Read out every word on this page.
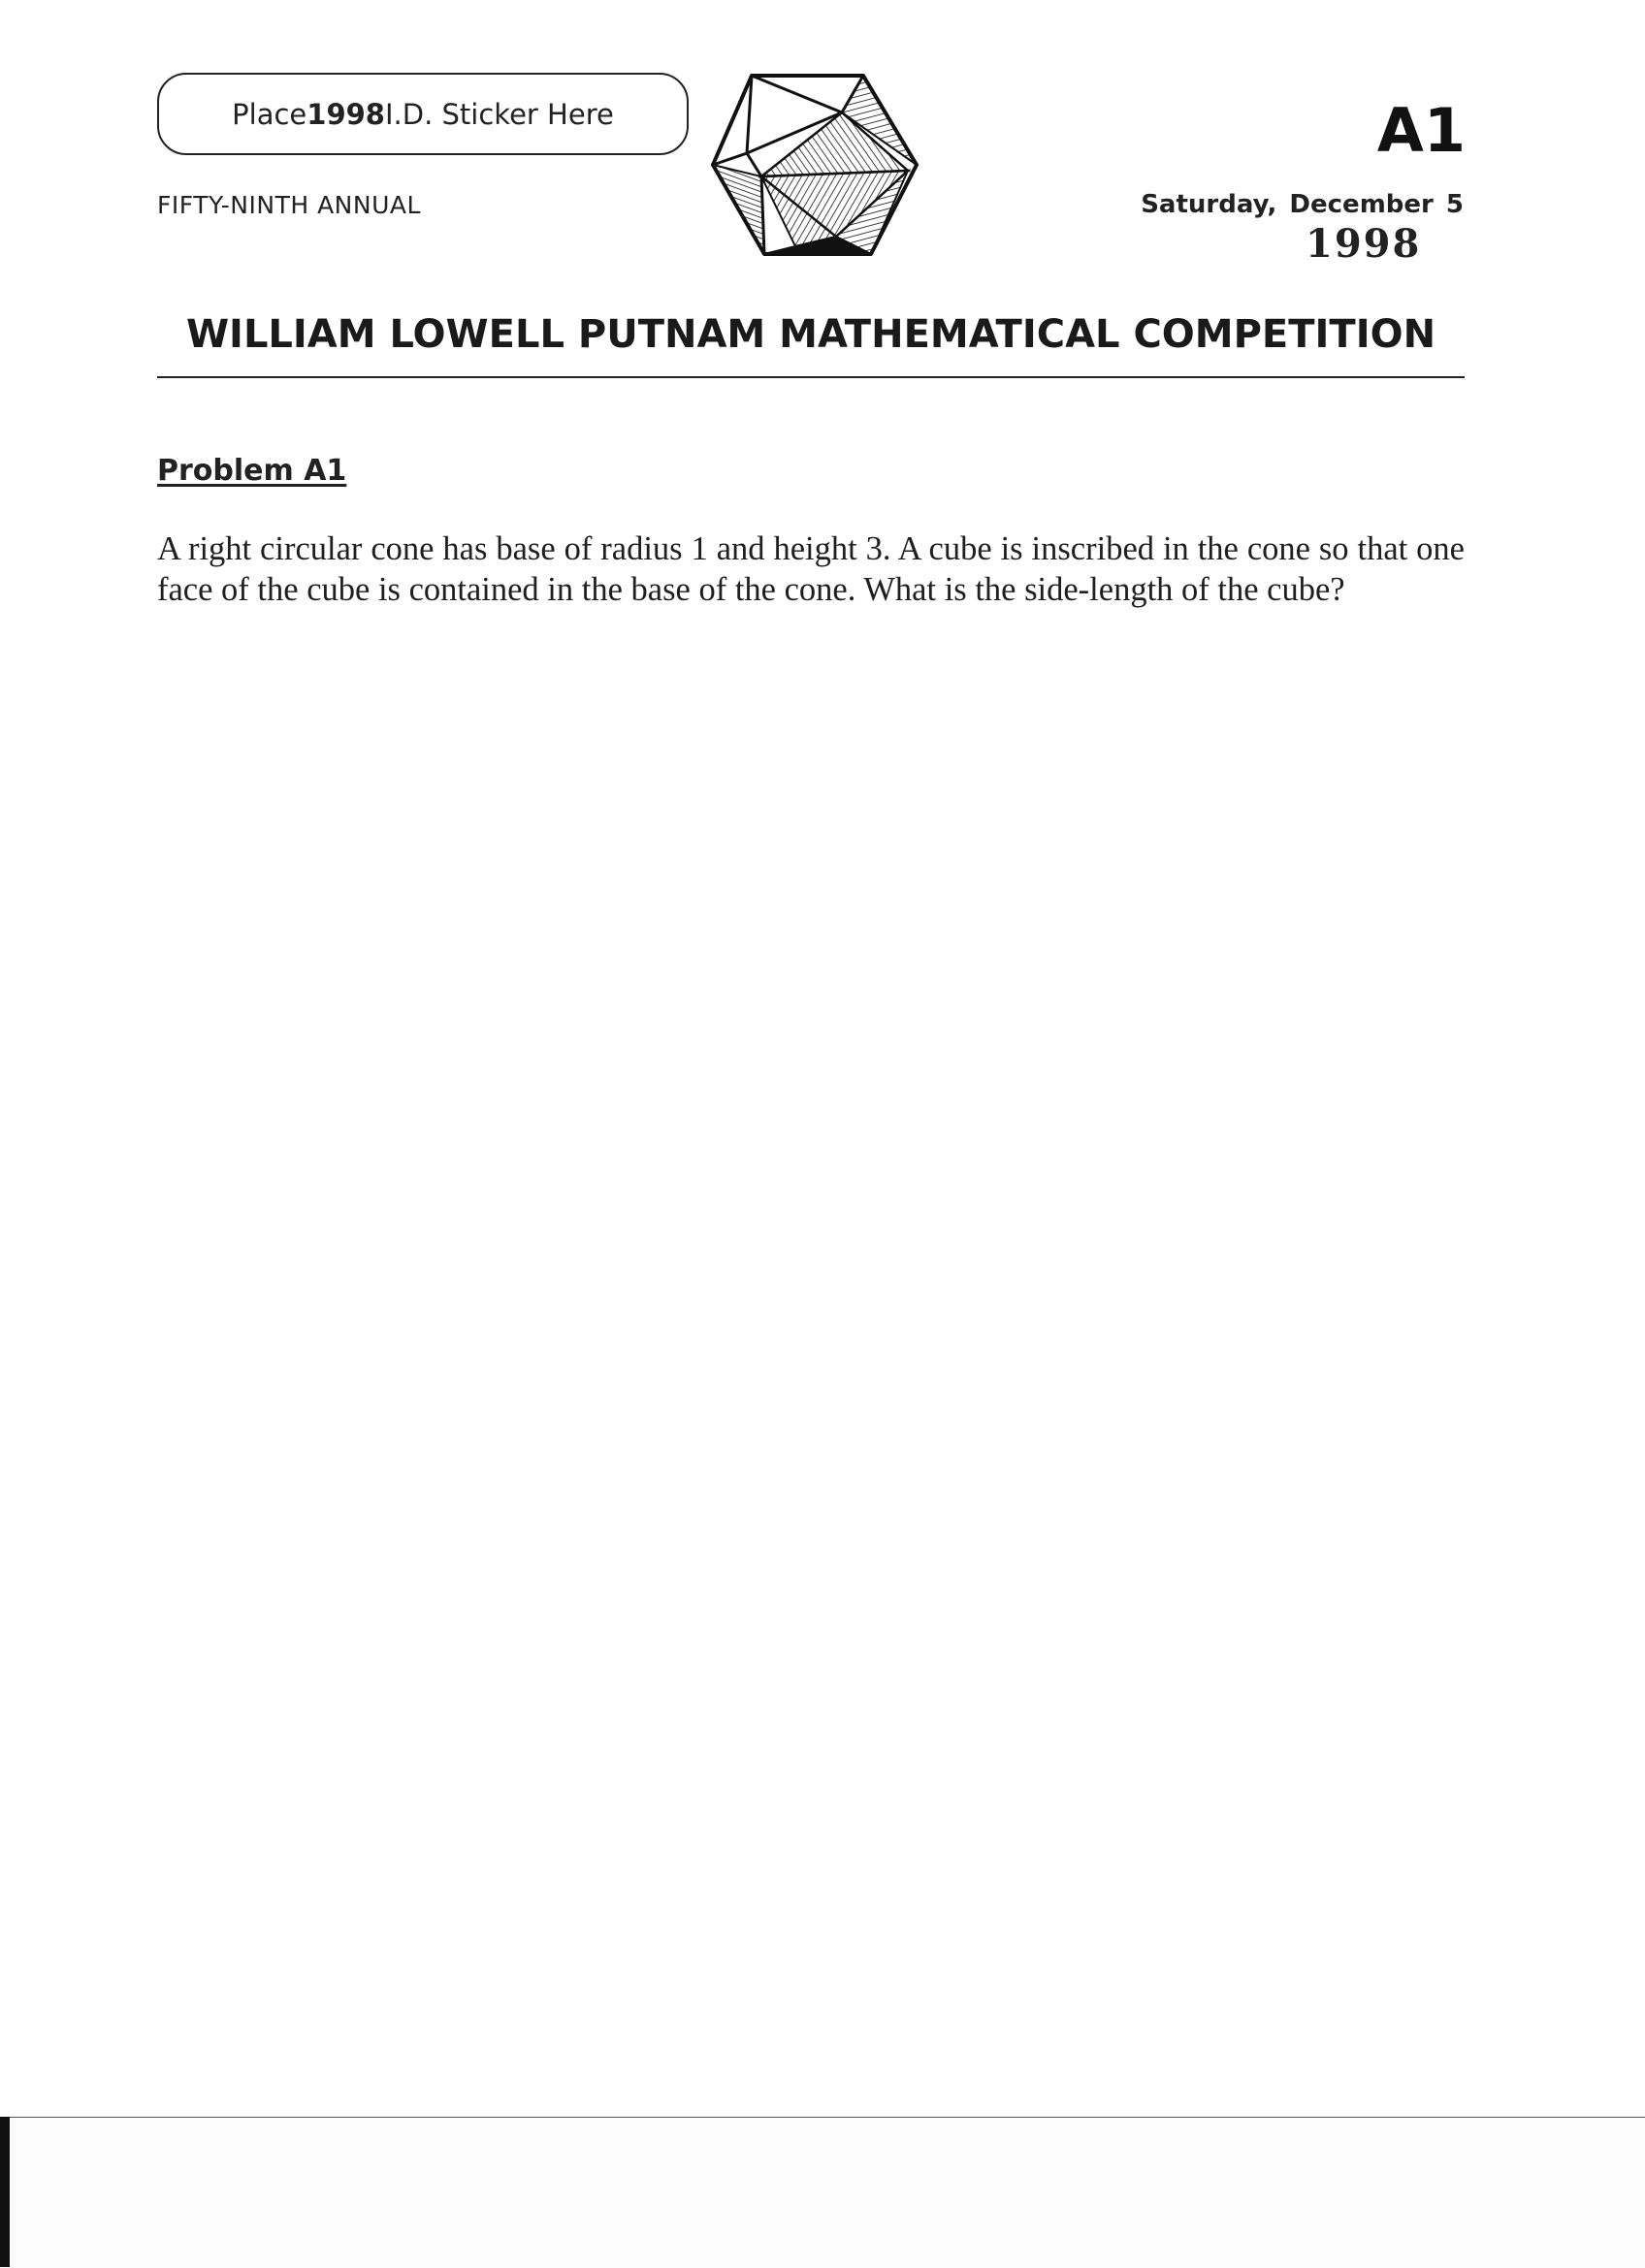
Place 1998 I.D. Sticker Here
FIFTY-NINTH ANNUAL
A1
Saturday, December 5
1998
WILLIAM LOWELL PUTNAM MATHEMATICAL COMPETITION
Problem A1
A right circular cone has base of radius 1 and height 3. A cube is inscribed in the cone so that one face of the cube is contained in the base of the cone. What is the side-length of the cube?
